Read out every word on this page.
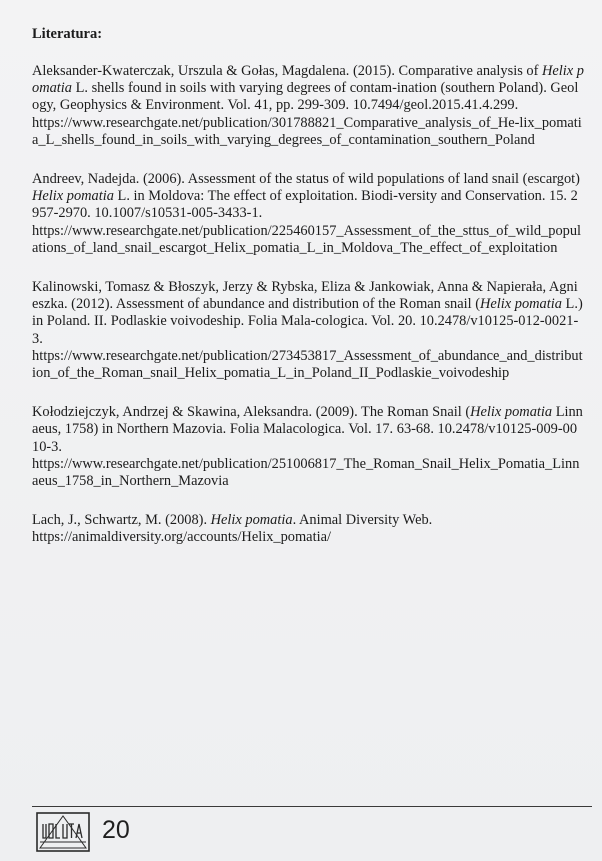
Literatura:

Aleksander-Kwaterczak, Urszula & Gołas, Magdalena. (2015). Comparative analysis of Helix pomatia L. shells found in soils with varying degrees of contam-ination (southern Poland). Geology, Geophysics & Environment. Vol. 41, pp. 299-309. 10.7494/geol.2015.41.4.299.
https://www.researchgate.net/publication/301788821_Comparative_analysis_of_He-lix_pomatia_L_shells_found_in_soils_with_varying_degrees_of_contamination_southern_Poland

Andreev, Nadejda. (2006). Assessment of the status of wild populations of land snail (escargot) Helix pomatia L. in Moldova: The effect of exploitation. Biodi-versity and Conservation. 15. 2957-2970. 10.1007/s10531-005-3433-1.
https://www.researchgate.net/publication/225460157_Assessment_of_the_sttus_of_wild_populations_of_land_snail_escargot_Helix_pomatia_L_in_Moldova_The_effect_of_exploitation

Kalinowski, Tomasz & Błoszyk, Jerzy & Rybska, Eliza & Jankowiak, Anna & Napierała, Agnieszka. (2012). Assessment of abundance and distribution of the Roman snail (Helix pomatia L.) in Poland. II. Podlaskie voivodeship. Folia Mala-cologica. Vol. 20. 10.2478/v10125-012-0021-3.
https://www.researchgate.net/publication/273453817_Assessment_of_abundance_and_distribution_of_the_Roman_snail_Helix_pomatia_L_in_Poland_II_Podlaskie_voivodeship

Kołodziejczyk, Andrzej & Skawina, Aleksandra. (2009). The Roman Snail (Helix pomatia Linnaeus, 1758) in Northern Mazovia. Folia Malacologica. Vol. 17. 63-68. 10.2478/v10125-009-0010-3.
https://www.researchgate.net/publication/251006817_The_Roman_Snail_Helix_Pomatia_Linnaeus_1758_in_Northern_Mazovia

Lach, J., Schwartz, M. (2008). Helix pomatia. Animal Diversity Web.
https://animaldiversity.org/accounts/Helix_pomatia/

20
